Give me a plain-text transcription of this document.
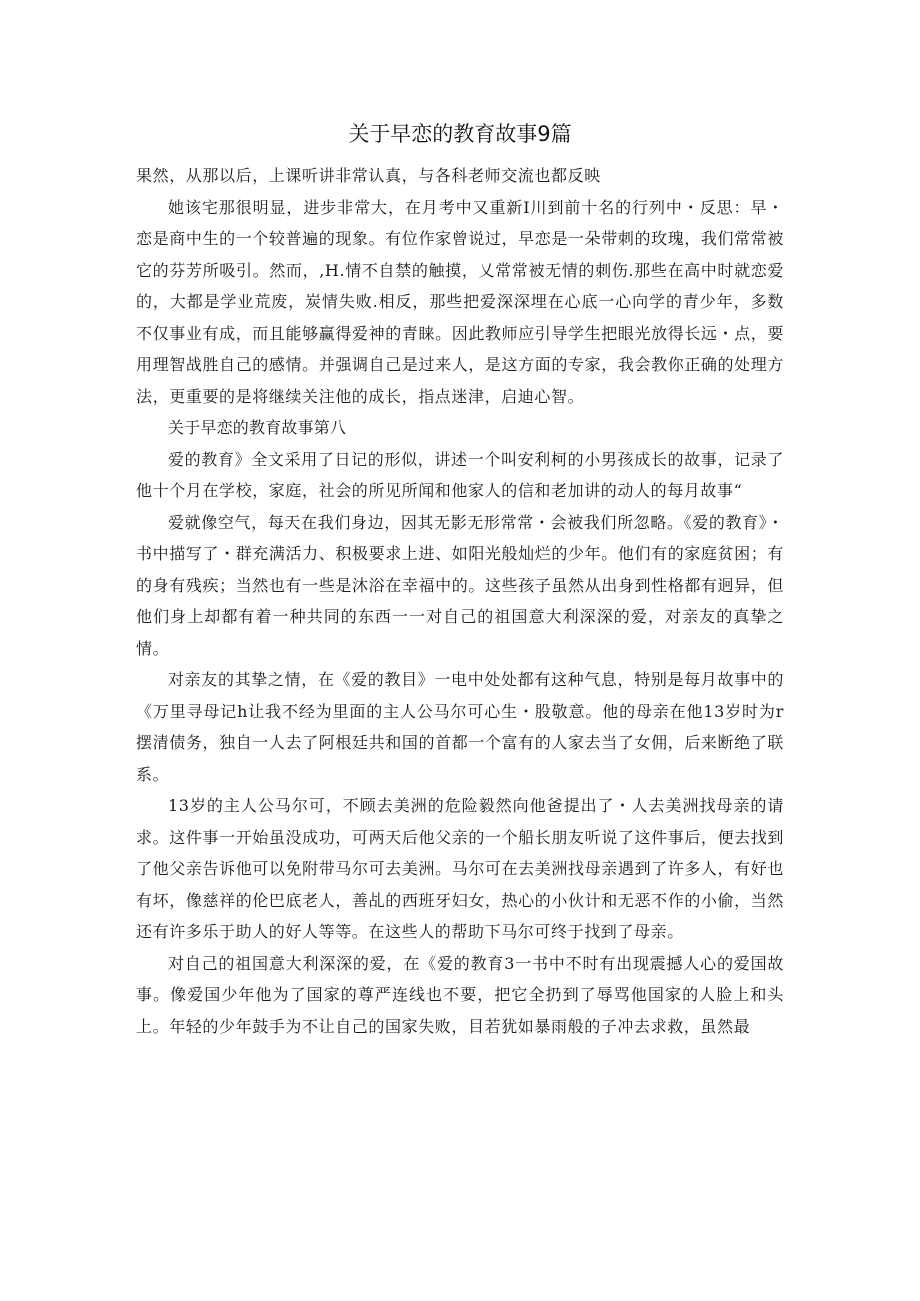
关于早恋的教育故事9篇

果然，从那以后，上课听讲非常认真，与各科老师交流也都反映

她该宅那很明显，进步非常大，在月考中又重新I川到前十名的行列中・反思：早・恋是商中生的一个较普遍的现象。有位作家曾说过，早恋是一朵带刺的玫瑰，我们常常被它的芬芳所吸引。然而，,H.情不自禁的触摸，乂常常被无情的刺伤.那些在高中时就恋爱的，大都是学业荒废，炭情失败.相反，那些把爱深深埋在心底一心向学的青少年，多数不仅事业有成，而且能够赢得爱神的青睐。因此教师应引导学生把眼光放得长远・点，要用理智战胜自己的感情。并强调自己是过来人，是这方面的专家，我会教你正确的处理方法，更重要的是将继续关注他的成长，指点迷津，启迪心智。

关于早恋的教育故事第八

爱的教育》全文采用了日记的形似，讲述一个叫安利柯的小男孩成长的故事，记录了他十个月在学校，家庭，社会的所见所闻和他家人的信和老加讲的动人的每月故事“

爱就像空气，每天在我们身边，因其无影无形常常・会被我们所忽略。《爱的教育》・书中描写了・群充满活力、积极要求上进、如阳光般灿烂的少年。他们有的家庭贫困；有的身有残疾；当然也有一些是沐浴在幸福中的。这些孩子虽然从出身到性格都有迥异，但他们身上却都有着一种共同的东西一一对自己的祖国意大利深深的爱，对亲友的真挚之情。

对亲友的其挚之情，在《爱的教目》一电中处处都有这种气息，特别是每月故事中的《万里寻母记h让我不经为里面的主人公马尔可心生・股敬意。他的母亲在他13岁时为r摆清债务，独自一人去了阿根廷共和国的首都一个富有的人家去当了女佣，后来断绝了联系。

13岁的主人公马尔可，不顾去美洲的危险毅然向他爸提出了・人去美洲找母亲的请求。这件事一开始虽没成功，可两天后他父亲的一个船长朋友听说了这件事后，便去找到了他父亲告诉他可以免附带马尔可去美洲。马尔可在去美洲找母亲遇到了许多人，有好也有坏，像慈祥的伦巴底老人，善乩的西班牙妇女，热心的小伙计和无恶不作的小偷，当然还有许多乐于助人的好人等等。在这些人的帮助下马尔可终于找到了母亲。

对自己的祖国意大利深深的爱，在《爱的教育3一书中不时有出现震撼人心的爱国故事。像爱国少年他为了国家的尊严连线也不要，把它全扔到了辱骂他国家的人脸上和头上。年轻的少年鼓手为不让自己的国家失败，目若犹如暴雨般的子冲去求救，虽然最
